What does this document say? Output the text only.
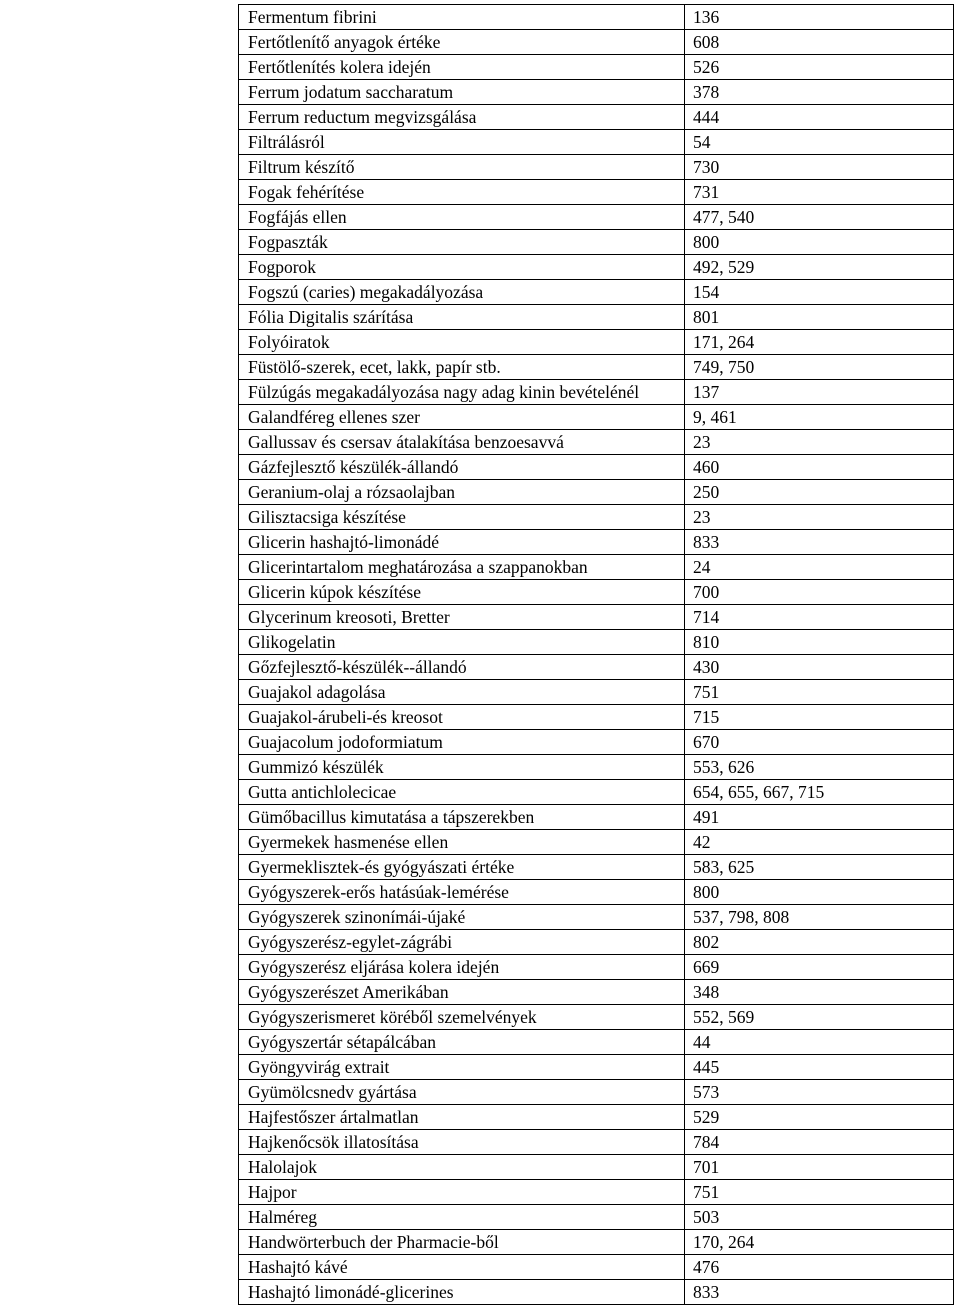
Fermentum fibrini	136
Fertőtlenítő anyagok értéke	608
Fertőtlenítés kolera idején	526
Ferrum jodatum saccharatum	378
Ferrum reductum megvizsgálása	444
Filtrálásról	54
Filtrum készítő	730
Fogak fehérítése	731
Fogfájás ellen	477, 540
Fogpaszták	800
Fogporok	492, 529
Fogszú (caries) megakadályozása	154
Fólia Digitalis szárítása	801
Folyóiratok	171, 264
Füstölő-szerek, ecet, lakk, papír stb.	749, 750
Fülzúgás megakadályozása nagy adag kinin bevételénél	137
Galandféreg ellenes szer	9, 461
Gallussav és csersav átalakítása benzoesavvá	23
Gázfejlesztő készülék-állandó	460
Geranium-olaj a rózsaolajban	250
Gilisztacsiga készítése	23
Glicerin hashajtó-limonádé	833
Glicerintartalom meghatározása a szappanokban	24
Glicerin kúpok készítése	700
Glycerinum kreosoti, Bretter	714
Glikogelatin	810
Gőzfejlesztő-készülék--állandó	430
Guajakol adagolása	751
Guajakol-árubeli-és kreosot	715
Guajacolum jodoformiatum	670
Gummizó készülék	553, 626
Gutta antichlolecicae	654, 655, 667, 715
Gümőbacillus kimutatása a tápszerekben	491
Gyermekek hasmenése ellen	42
Gyermeklisztek-és gyógyászati értéke	583, 625
Gyógyszerek-erős hatásúak-lemérése	800
Gyógyszerek szinonímái-újaké	537, 798, 808
Gyógyszerész-egylet-zágrábi	802
Gyógyszerész eljárása kolera idején	669
Gyógyszerészet Amerikában	348
Gyógyszerismeret köréből szemelvények	552, 569
Gyógyszertár sétapálcában	44
Gyöngyvirág extrait	445
Gyümölcsnedv gyártása	573
Hajfestőszer ártalmatlan	529
Hajkenőcsök illatosítása	784
Halolajok	701
Hajpor	751
Halméreg	503
Handwörterbuch der Pharmacie-ből	170, 264
Hashajtó kávé	476
Hashajtó limonádé-glicerines	833
